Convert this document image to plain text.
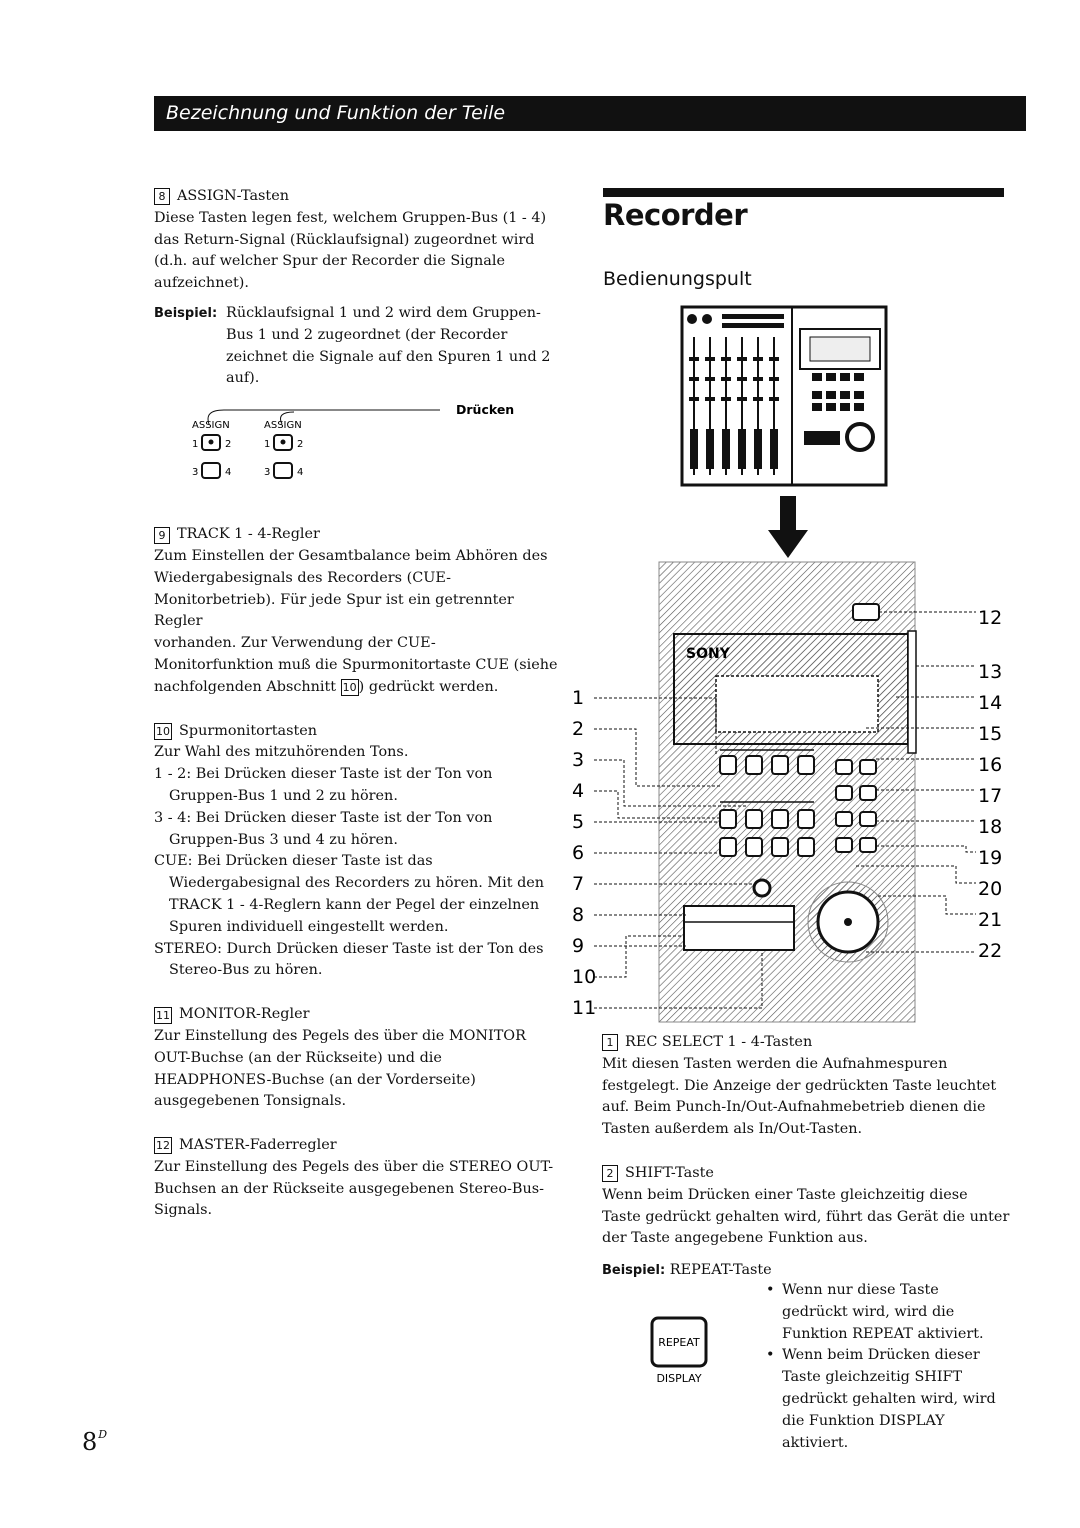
Bezeichnung und Funktion der Teile
8 ASSIGN-Tasten

Diese Tasten legen fest, welchem Gruppen-Bus (1 - 4)

das Return-Signal (Rücklaufsignal) zugeordnet wird

(d.h. auf welcher Spur der Recorder die Signale

aufzeichnet).

Beispiel: Rücklaufsignal 1 und 2 wird dem Gruppen-

Bus 1 und 2 zugeordnet (der Recorder

zeichnet die Signale auf den Spuren 1 und 2

auf).

Drücken
ASSIGN	ASSIGN
1	2
3	4
1	2
3	4
9 TRACK 1 - 4-Regler

Zum Einstellen der Gesamtbalance beim Abhören des

Wiedergabesignals des Recorders (CUE-

Monitorbetrieb). Für jede Spur ist ein getrennter Regler

vorhanden. Zur Verwendung der CUE-

Monitorfunktion muß die Spurmonitortaste CUE (siehe

nachfolgenden Abschnitt 10 ) gedrückt werden.

10 Spurmonitortasten

Zur Wahl des mitzuhörenden Tons.

1 - 2: Bei Drücken dieser Taste ist der Ton von

Gruppen-Bus 1 und 2 zu hören.

3 - 4: Bei Drücken dieser Taste ist der Ton von

Gruppen-Bus 3 und 4 zu hören.

CUE: Bei Drücken dieser Taste ist das

Wiedergabesignal des Recorders zu hören. Mit den

TRACK 1 - 4-Reglern kann der Pegel der einzelnen

Spuren individuell eingestellt werden.

STEREO: Durch Drücken dieser Taste ist der Ton des

Stereo-Bus zu hören.

11 MONITOR-Regler

Zur Einstellung des Pegels des über die MONITOR

OUT-Buchse (an der Rückseite) und die

HEADPHONES-Buchse (an der Vorderseite)

ausgegebenen Tonsignals.

12 MASTER-Faderregler

Zur Einstellung des Pegels des über die STEREO OUT-

Buchsen an der Rückseite ausgegebenen Stereo-Bus-

Signals.

Recorder
Bedienungspult
SONY
1
2
3
4
5
6
7
8
9
10
11
12
13
14
15
16
17
18
19
20
21
22
1 REC SELECT 1 - 4-Tasten

Mit diesen Tasten werden die Aufnahmespuren

festgelegt. Die Anzeige der gedrückten Taste leuchtet

auf. Beim Punch-In/Out-Aufnahmebetrieb dienen die

Tasten außerdem als In/Out-Tasten.

2 SHIFT-Taste

Wenn beim Drücken einer Taste gleichzeitig diese

Taste gedrückt gehalten wird, führt das Gerät die unter

der Taste angegebene Funktion aus.

Beispiel: REPEAT-Taste

REPEAT
DISPLAY
• Wenn nur diese Taste

gedrückt wird, wird die

Funktion REPEAT aktiviert.

• Wenn beim Drücken dieser

Taste gleichzeitig SHIFT

gedrückt gehalten wird, wird

die Funktion DISPLAY

aktiviert.

$8^D$
